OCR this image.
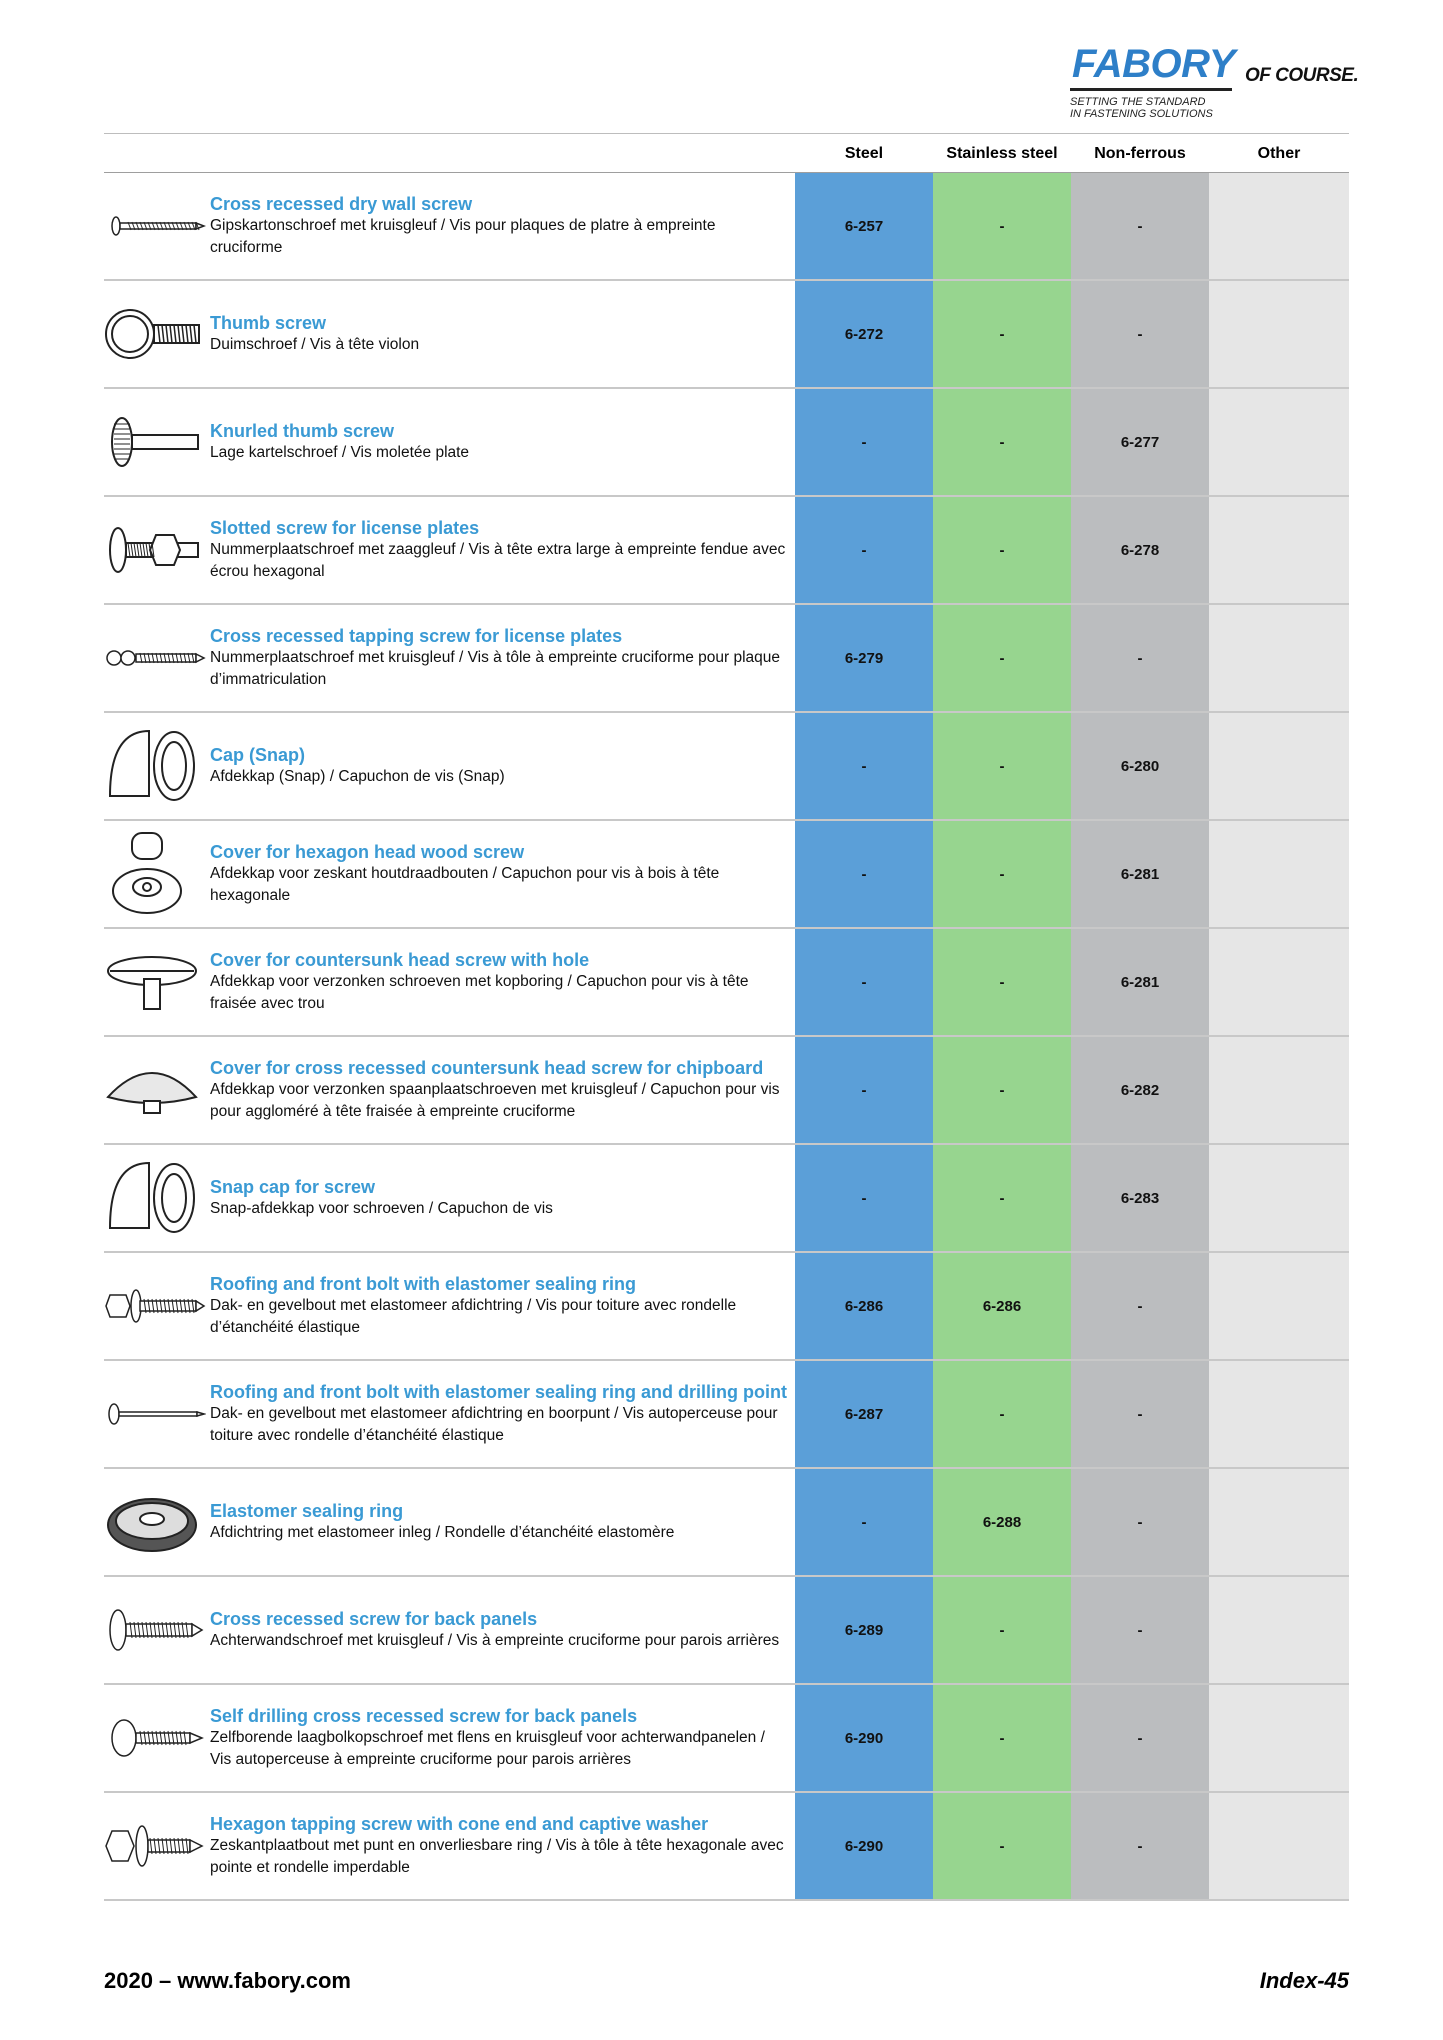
FABORY OF COURSE.
SETTING THE STANDARD
IN FASTENING SOLUTIONS
Steel	Stainless steel	Non-ferrous	Other
Cross recessed dry wall screw
Gipskartonschroef met kruisgleuf / Vis pour plaques de platre à empreinte cruciforme
6-257	-	-
Thumb screw
Duimschroef / Vis à tête violon
6-272	-	-
Knurled thumb screw
Lage kartelschroef / Vis moletée plate
-	-	6-277
Slotted screw for license plates
Nummerplaatschroef met zaaggleuf / Vis à tête extra large à empreinte fendue avec écrou hexagonal
-	-	6-278
Cross recessed tapping screw for license plates
Nummerplaatschroef met kruisgleuf / Vis à tôle à empreinte cruciforme pour plaque d’immatriculation
6-279	-	-
Cap (Snap)
Afdekkap (Snap) / Capuchon de vis (Snap)
-	-	6-280
Cover for hexagon head wood screw
Afdekkap voor zeskant houtdraadbouten / Capuchon pour vis à bois à tête hexagonale
-	-	6-281
Cover for countersunk head screw with hole
Afdekkap voor verzonken schroeven met kopboring / Capuchon pour vis à tête fraisée avec trou
-	-	6-281
Cover for cross recessed countersunk head screw for chipboard
Afdekkap voor verzonken spaanplaatschroeven met kruisgleuf / Capuchon pour vis pour aggloméré à tête fraisée à empreinte cruciforme
-	-	6-282
Snap cap for screw
Snap-afdekkap voor schroeven / Capuchon de vis
-	-	6-283
Roofing and front bolt with elastomer sealing ring
Dak- en gevelbout met elastomeer afdichtring / Vis pour toiture avec rondelle d’étanchéité élastique
6-286	6-286	-
Roofing and front bolt with elastomer sealing ring and drilling point
Dak- en gevelbout met elastomeer afdichtring en boorpunt / Vis autoperceuse pour toiture avec rondelle d’étanchéité élastique
6-287	-	-
Elastomer sealing ring
Afdichtring met elastomeer inleg / Rondelle d’étanchéité elastomère
-	6-288	-
Cross recessed screw for back panels
Achterwandschroef met kruisgleuf / Vis à empreinte cruciforme pour parois arrières
6-289	-	-
Self drilling cross recessed screw for back panels
Zelfborende laagbolkopschroef met flens en kruisgleuf voor achterwandpanelen / Vis autoperceuse à empreinte cruciforme pour parois arrières
6-290	-	-
Hexagon tapping screw with cone end and captive washer
Zeskantplaatbout met punt en onverliesbare ring / Vis à tôle à tête hexagonale avec pointe et rondelle imperdable
6-290	-	-
2020 – www.fabory.com	Index-45
